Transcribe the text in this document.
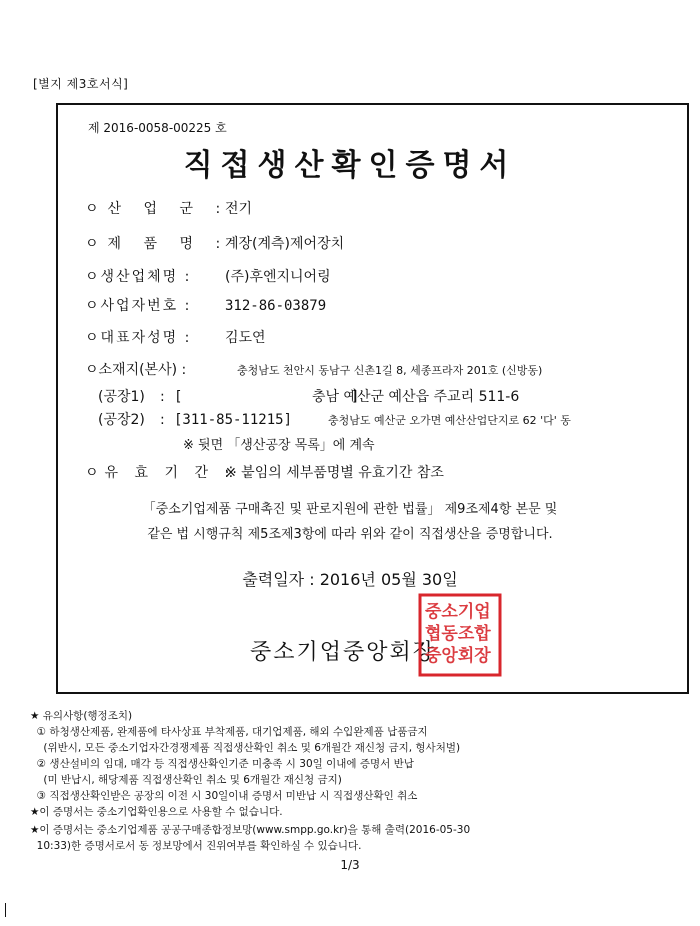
[별지 제3호서식]
제 2016-0058-00225 호
직접생산확인증명서
ㅇ산 업 군 :전기
ㅇ제 품 명 :계장(계측)제어장치
ㅇ생산업체명 : (주)후엔지니어링
ㅇ사업자번호 : 312-86-03879
ㅇ대표자성명 : 김도연
ㅇ소재지(본사) :	충청남도 천안시 동남구 신촌1길 8, 세종프라자 201호 (신방동)
(공장1) : [                    ]충남 예산군 예산읍 주교리 511-6
(공장2) : [311-85-11215]	충청남도 예산군 오가면 예산산업단지로 62 '다' 동
※ 뒷면 「생산공장 목록」에 계속
ㅇ유 효 기 간 :※ 붙임의 세부품명별 유효기간 참조
「중소기업제품 구매촉진 및 판로지원에 관한 법률」 제9조제4항 본문 및
같은 법 시행규칙 제5조제3항에 따라 위와 같이 직접생산을 증명합니다.
출력일자 : 2016년 05월 30일
중소기업중앙회장
중소기업
협동조합
중앙회장
★ 유의사항(행정조치)
① 하청생산제품, 완제품에 타사상표 부착제품, 대기업제품, 해외 수입완제품 납품금지
(위반시, 모든 중소기업자간경쟁제품 직접생산확인 취소 및 6개월간 재신청 금지, 형사처벌)
② 생산설비의 임대, 매각 등 직접생산확인기준 미충족 시 30일 이내에 증명서 반납
(미 반납시, 해당제품 직접생산확인 취소 및 6개월간 재신청 금지)
③ 직접생산확인받은 공장의 이전 시 30일이내 증명서 미반납 시 직접생산확인 취소
★이 증명서는 중소기업확인용으로 사용할 수 없습니다.
★이 증명서는 중소기업제품 공공구매종합정보망(www.smpp.go.kr)을 통해 출력(2016-05-30
10:33)한 증명서로서 동 정보망에서 진위여부를 확인하실 수 있습니다.
1/3
